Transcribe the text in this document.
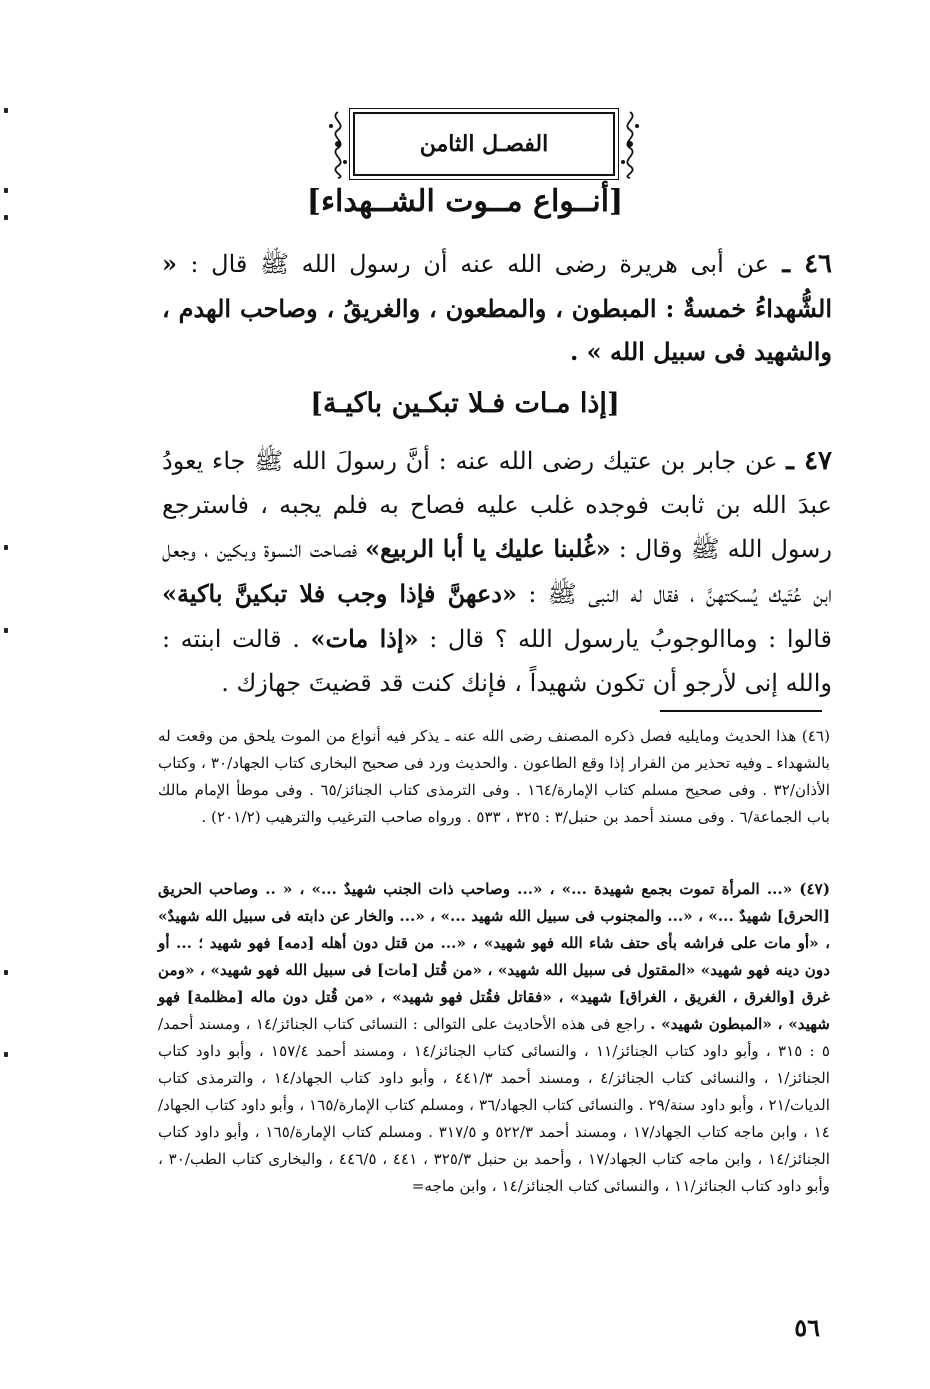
الفصـل الثامن
[أنــواع مــوت الشــهداء]
٤٦ ـ عن أبى هريرة رضى الله عنه أن رسول الله ﷺ قال : « الشُّهداءُ خمسةٌ : المبطون ، والمطعون ، والغريقُ ، وصاحب الهدم ، والشهيد فى سبيل الله » .
[إذا مـات فـلا تبكـين باكيـة]
٤٧ ـ عن جابر بن عتيك رضى الله عنه : أنَّ رسولَ الله ﷺ جاء يعودُ عبدَ الله بن ثابت فوجده غلب عليه فصاح به فلم يجبه ، فاسترجع رسول الله ﷺ وقال : «غُلبنا عليك يا أبا الربيع» فصاحت النسوة وبكين ، وجعل ابن عُتَيك يُسكتهنَّ ، فقال له النبى ﷺ : «دعهنَّ فإذا وجب فلا تبكينَّ باكية» قالوا : وماالوجوبُ يارسول الله ؟ قال : «إذا مات» . قالت ابنته : والله إنى لأرجو أن تكون شهيداً ، فإنك كنت قد قضيتَ جهازك .
(٤٦) هذا الحديث ومايليه فصل ذكره المصنف رضى الله عنه ـ يذكر فيه أنواع من الموت يلحق من وقعت له بالشهداء ـ وفيه تحذير من الفرار إذا وقع الطاعون . والحديث ورد فى صحيح البخارى كتاب الجهاد/٣٠ ، وكتاب الأذان/٣٢ . وفى صحيح مسلم كتاب الإمارة/١٦٤ . وفى الترمذى كتاب الجنائز/٦٥ . وفى موطأ الإمام مالك باب الجماعة/٦ . وفى مسند أحمد بن حنبل/٣ : ٣٢٥ ، ٥٣٣ . ورواه صاحب الترغيب والترهيب (٢٠١/٢) .
(٤٧) «... المرأة تموت بجمع شهيدة ...» ، «... وصاحب ذات الجنب شهيدٌ ...» ، « .. وصاحب الحريق [الحرق] شهيدٌ ...» ، «... والمجنوب فى سبيل الله شهيد ...» ، «... والخار عن دابته فى سبيل الله شهيدٌ» ، «أو مات على فراشه بأى حتف شاء الله فهو شهيد» ، «... من قتل دون أهله [دمه] فهو شهيد ؛ ... أو دون دينه فهو شهيد» «المقتول فى سبيل الله شهيد» ، «من قُتل [مات] فى سبيل الله فهو شهيد» ، «ومن غرق [والغرق ، الغريق ، الغراق] شهيد» ، «فقاتل فقُتل فهو شهيد» ، «من قُتل دون ماله [مظلمة] فهو شهيد» ، «المبطون شهيد» . راجع فى هذه الأحاديث على التوالى : النسائى كتاب الجنائز/١٤ ، ومسند أحمد/٥ : ٣١٥ ، وأبو داود كتاب الجنائز/١١ ، والنسائى كتاب الجنائز/١٤ ، ومسند أحمد ١٥٧/٤ ، وأبو داود كتاب الجنائز/١ ، والنسائى كتاب الجنائز/٤ ، ومسند أحمد ٤٤١/٣ ، وأبو داود كتاب الجهاد/١٤ ، والترمذى كتاب الديات/٢١ ، وأبو داود سنة/٢٩ . والنسائى كتاب الجهاد/٣٦ ، ومسلم كتاب الإمارة/١٦٥ ، وأبو داود كتاب الجهاد/١٤ ، وابن ماجه كتاب الجهاد/١٧ ، ومسند أحمد ٥٢٢/٣ و ٣١٧/٥ . ومسلم كتاب الإمارة/١٦٥ ، وأبو داود كتاب الجنائز/١٤ ، وابن ماجه كتاب الجهاد/١٧ ، وأحمد بن حنبل ٣٢٥/٣ ، ٤٤١ ، ٤٤٦/٥ ، والبخارى كتاب الطب/٣٠ ، وأبو داود كتاب الجنائز/١١ ، والنسائى كتاب الجنائز/١٤ ، وابن ماجه=
٥٦
